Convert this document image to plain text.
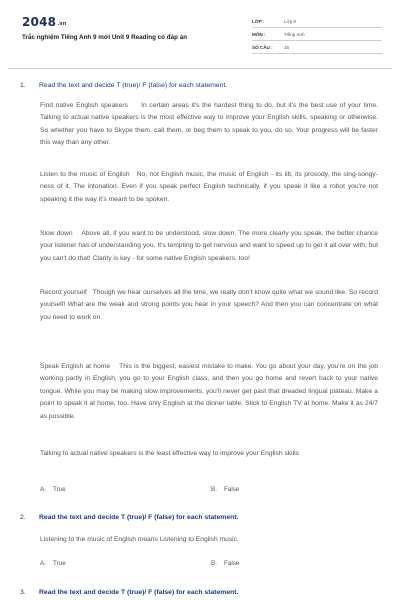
2048.vn
Trắc nghiệm Tiếng Anh 9 mới Unit 9 Reading có đáp án
LỚP :	Lớp 9
MÔN :	Tiếng Anh
SỐ CÂU :	15
1. Read the text and decide T (true)/ F (false) for each statement.
Find native English speakers In certain areas it's the hardest thing to do, but it's the best use of your time. Talking to actual native speakers is the most effective way to improve your English skills, speaking or otherwise. So whether you have to Skype them, call them, or beg them to speak to you, do so. Your progress will be faster this way than any other.
Listen to the music of English No, not English music, the music of English - its lilt, its prosody, the sing-songy-ness of it. The intonation. Even if you speak perfect English technically, if you speak it like a robot you're not speaking it the way it's meant to be spoken.
Slow down Above all, if you want to be understood, slow down. The more clearly you speak, the better chance your listener has of understanding you. It's tempting to get nervous and want to speed up to get it all over with, but you can't do that! Clarity is key - for some native English speakers, too!
Record yourself Though we hear ourselves all the time, we really don't know quite what we sound like. So record yourself! What are the weak and strong points you hear in your speech? And then you can concentrate on what you need to work on.
Speak English at home This is the biggest, easiest mistake to make. You go about your day, you're on the job working partly in English, you go to your English class, and then you go home and revert back to your native tongue. While you may be making slow improvements, you'll never get past that dreaded lingual plateau. Make a point to speak it at home, too. Have only English at the dinner table. Stick to English TV at home. Make it as 24/7 as possible.
Talking to actual native speakers is the least effective way to improve your English skills
A. True	B. False
2. Read the text and decide T (true)/ F (false) for each statement.
Listening to the music of English means Listening to English music.
A. True	B. False
3. Read the text and decide T (true)/ F (false) for each statement.
